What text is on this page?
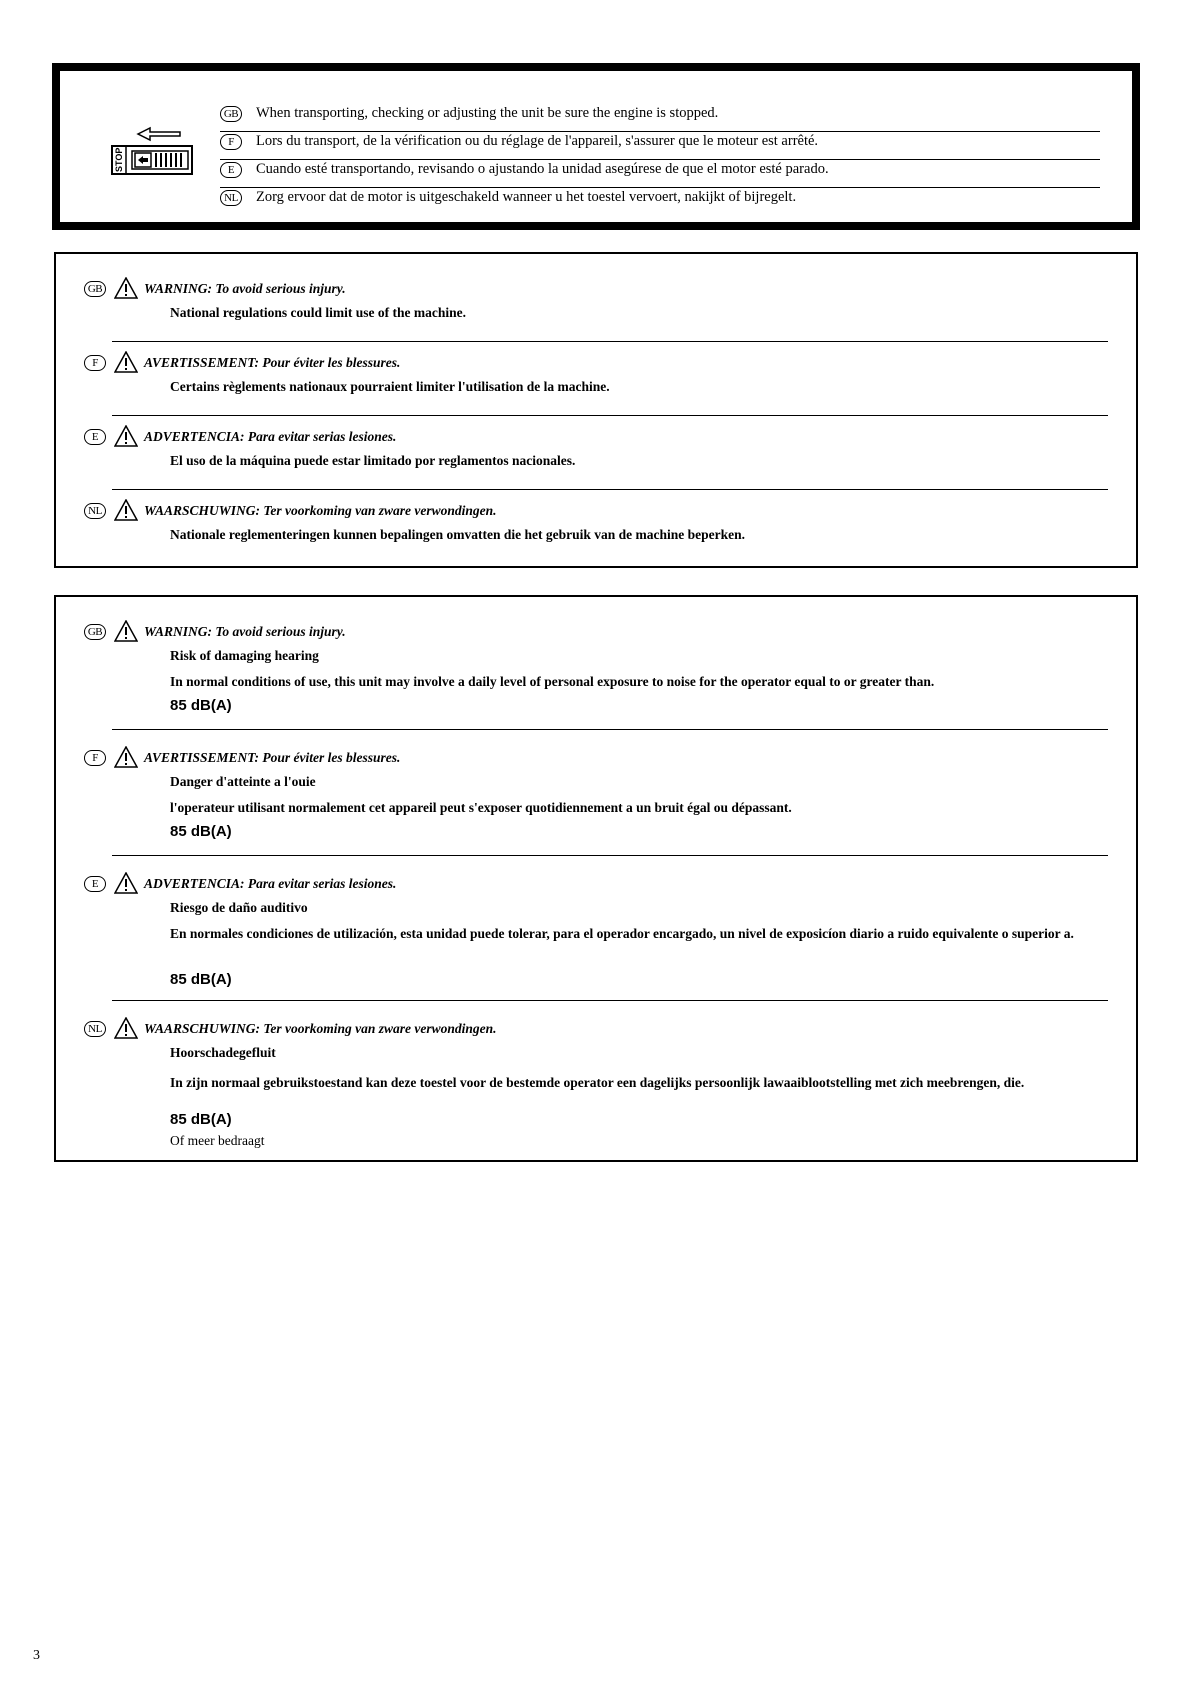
STOP
GB When transporting, checking or adjusting the unit be sure the engine is stopped.
F	Lors du transport, de la vérification ou du réglage de l'appareil, s'assurer que le moteur est arrêté.
E	Cuando esté transportando, revisando o ajustando la unidad asegúrese de que el motor esté parado.
NL Zorg ervoor dat de motor is uitgeschakeld wanneer u het toestel vervoert, nakijkt of bijregelt.
GB	WARNING: To avoid serious injury.
National regulations could limit use of the machine.
F	AVERTISSEMENT: Pour éviter les blessures.
Certains règlements nationaux pourraient limiter l'utilisation de la machine.
E	ADVERTENCIA: Para evitar serias lesiones.
El uso de la máquina puede estar limitado por reglamentos nacionales.
NL	WAARSCHUWING: Ter voorkoming van zware verwondingen.
Nationale reglementeringen kunnen bepalingen omvatten die het gebruik van de machine beperken.
GB	WARNING: To avoid serious injury.
Risk of damaging hearing
In normal conditions of use, this unit may involve a daily level of personal exposure to noise for the operator equal to or greater than.
85 dB(A)
F	AVERTISSEMENT: Pour éviter les blessures.
Danger d'atteinte a l'ouie
l'operateur utilisant normalement cet appareil peut s'exposer quotidiennement a un bruit égal ou dépassant.
85 dB(A)
E	ADVERTENCIA: Para evitar serias lesiones.
Riesgo de daño auditivo
En normales condiciones de utilización, esta unidad puede tolerar, para el operador encargado, un nivel de exposicíon diario a ruido equivalente o superior a.
85 dB(A)
NL	WAARSCHUWING: Ter voorkoming van zware verwondingen.
Hoorschadegefluit
In zijn normaal gebruikstoestand kan deze toestel voor de bestemde operator een dagelijks persoonlijk lawaaiblootstelling met zich meebrengen, die.
85 dB(A)
Of meer bedraagt
3
